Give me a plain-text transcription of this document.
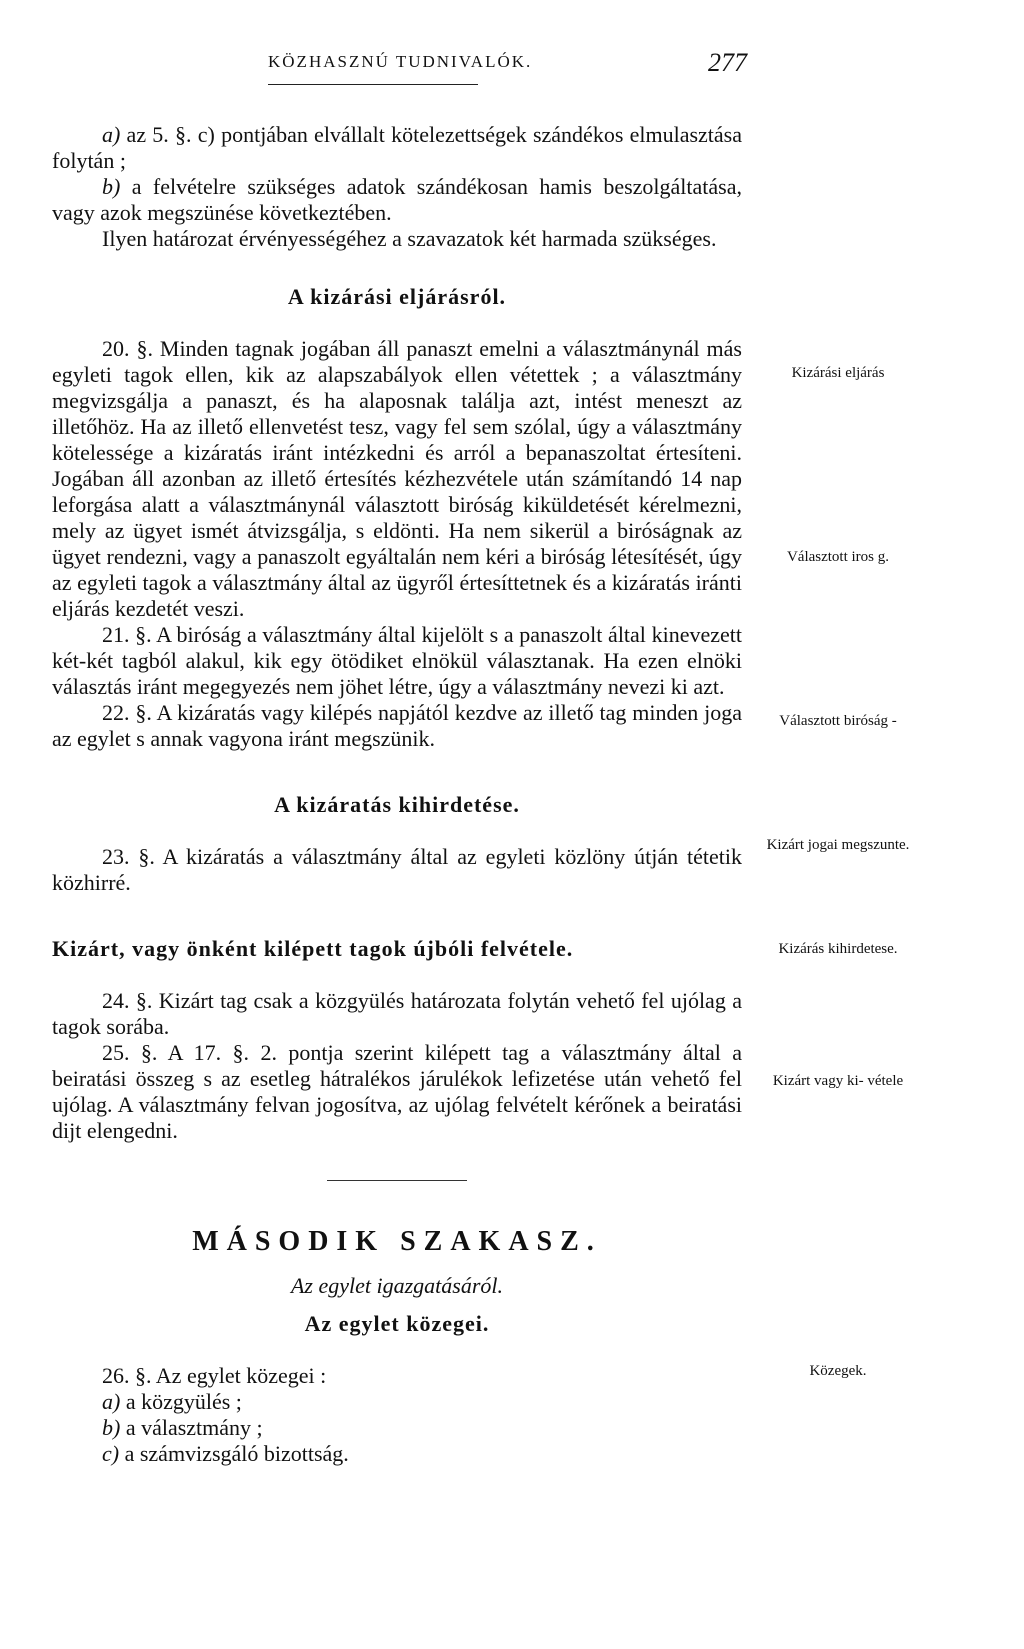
KÖZHASZNÚ TUDNIVALÓK.	277

a) az 5. §. c) pontjában elvállalt kötelezettségek szándékos elmulasztása folytán ;

b) a felvételre szükséges adatok szándékosan hamis beszolgáltatása, vagy azok megszünése következtében.

Ilyen határozat érvényességéhez a szavazatok két harmada szükséges.

A kizárási eljárásról.

20. §. Minden tagnak jogában áll panaszt emelni a választmánynál más egyleti tagok ellen, kik az alapszabályok ellen vétettek ; a választmány megvizsgálja a panaszt, és ha alaposnak találja azt, intést meneszt az illetőhöz. Ha az illető ellenvetést tesz, vagy fel sem szólal, úgy a választmány kötelessége a kizáratás iránt intézkedni és arról a bepanaszoltat értesíteni. Jogában áll azonban az illető értesítés kézhezvétele után számítandó 14 nap leforgása alatt a választmánynál választott biróság kiküldetését kérelmezni, mely az ügyet ismét átvizsgálja, s eldönti. Ha nem sikerül a biróságnak az ügyet rendezni, vagy a panaszolt egyáltalán nem kéri a biróság létesítését, úgy az egyleti tagok a választmány által az ügyről értesíttetnek és a kizáratás iránti eljárás kezdetét veszi.

21. §. A biróság a választmány által kijelölt s a panaszolt által kinevezett két-két tagból alakul, kik egy ötödiket elnökül választanak. Ha ezen elnöki választás iránt megegyezés nem jöhet létre, úgy a választmány nevezi ki azt.

22. §. A kizáratás vagy kilépés napjától kezdve az illető tag minden joga az egylet s annak vagyona iránt megszünik.

A kizáratás kihirdetése.

23. §. A kizáratás a választmány által az egyleti közlöny útján tétetik közhirré.

Kizárt, vagy önként kilépett tagok újbóli felvétele.

24. §. Kizárt tag csak a közgyülés határozata folytán vehető fel ujólag a tagok sorába.

25. §. A 17. §. 2. pontja szerint kilépett tag a választmány által a beiratási összeg s az esetleg hátralékos járulékok lefizetése után vehető fel ujólag. A választmány felvan jogosítva, az ujólag felvételt kérőnek a beiratási dijt elengedni.

MÁSODIK SZAKASZ.
Az egylet igazgatásáról.
Az egylet közegei.

26. §. Az egylet közegei :

a) a közgyülés ;

b) a választmány ;

c) a számvizsgáló bizottság.

Kizárási eljárás
Választott iros g.
Választott biróság -
Kizárt jogai megszunte.
Kizárás kihirdetese.
Kizárt vagy ki- vétele
Közegek.
